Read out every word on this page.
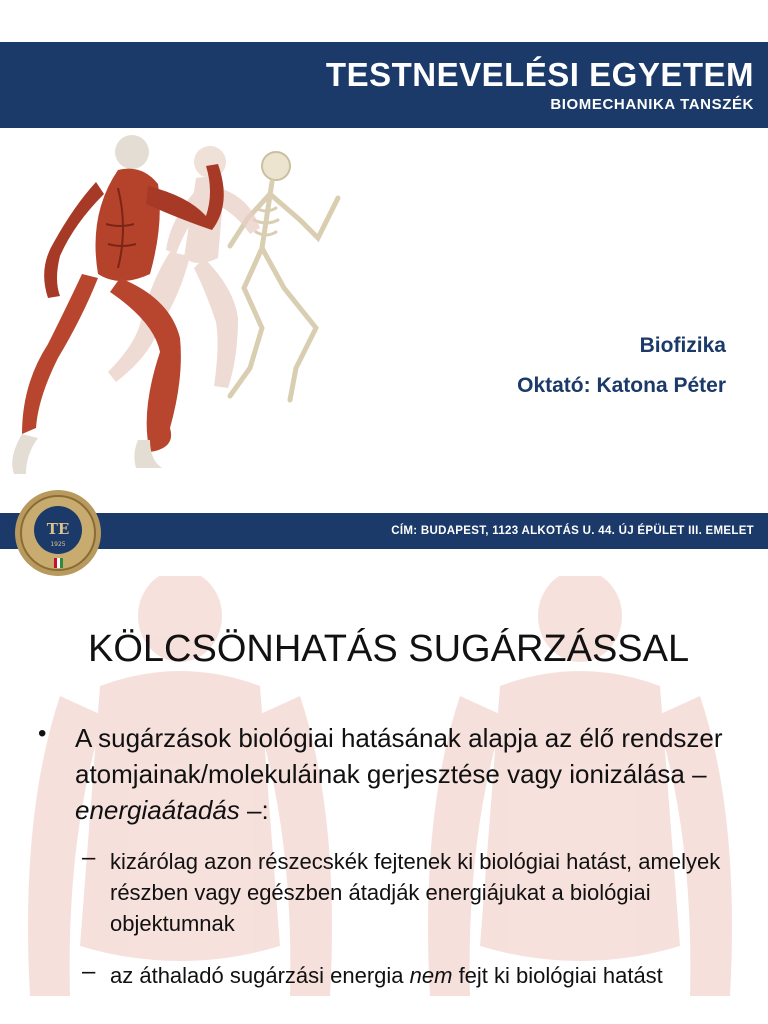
TESTNEVELÉSI EGYETEM
BIOMECHANIKA TANSZÉK
Biofizika
Oktató: Katona Péter
CÍM: BUDAPEST, 1123 ALKOTÁS U. 44. ÚJ ÉPÜLET III. EMELET
TE
1925
KÖLCSÖNHATÁS SUGÁRZÁSSAL
• A sugárzások biológiai hatásának alapja az élő rendszer atomjainak/molekuláinak gerjesztése vagy ionizálása – energiaátadás –:
– kizárólag azon részecskék fejtenek ki biológiai hatást, amelyek részben vagy egészben átadják energiájukat a biológiai objektumnak
– az áthaladó sugárzási energia nem fejt ki biológiai hatást
